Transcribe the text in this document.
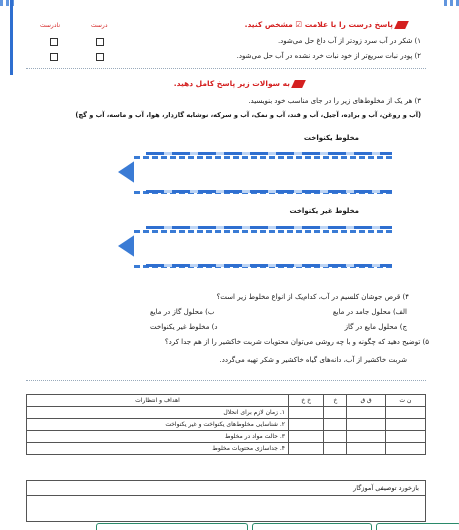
پاسخ درست را با علامت ☑ مشخص کنید.
درست
نادرست
۱) شکر در آب سرد زودتر از آب داغ حل می‌شود.
۲) پودر نبات سریع‌تر از خود نبات خرد نشده در آب حل می‌شود.
به سوالات زیر پاسخ کامل دهید.
۳) هر یک از مخلوط‌های زیر را در جای مناسب خود بنویسید.
(آب و روغن، آب و براده، آجیل، آب و قند، آب و نمک، آب و سرکه، نوشابه گازدار، هوا، آب و ماسه، آب و گچ)
مخلوط یکنواخت
مخلوط غیر یکنواخت
۴) قرص جوشان کلسیم در آب، کدام‌یک از انواع مخلوط زیر است؟
الف) محلول جامد در مایع
ب) محلول گاز در مایع
ج) محلول مایع در گاز
د) مخلوط غیر یکنواخت
۵) توضیح دهید که چگونه و با چه روشی می‌توان محتویات شربت خاکشیر را از هم جدا کرد؟
شربت خاکشیر از آب، دانه‌های گیاه خاکشیر و شکر تهیه می‌گردد.
اهداف و انتظارات	خ خ	خ	ق ق	ن ت
۱. زمان لازم برای انحلال				
۲. شناسایی مخلوط‌های یکنواخت و غیر یکنواخت				
۳. حالت مواد در مخلوط				
۴. جداسازی محتویات مخلوط				
بازخورد توصیفی آموزگار
